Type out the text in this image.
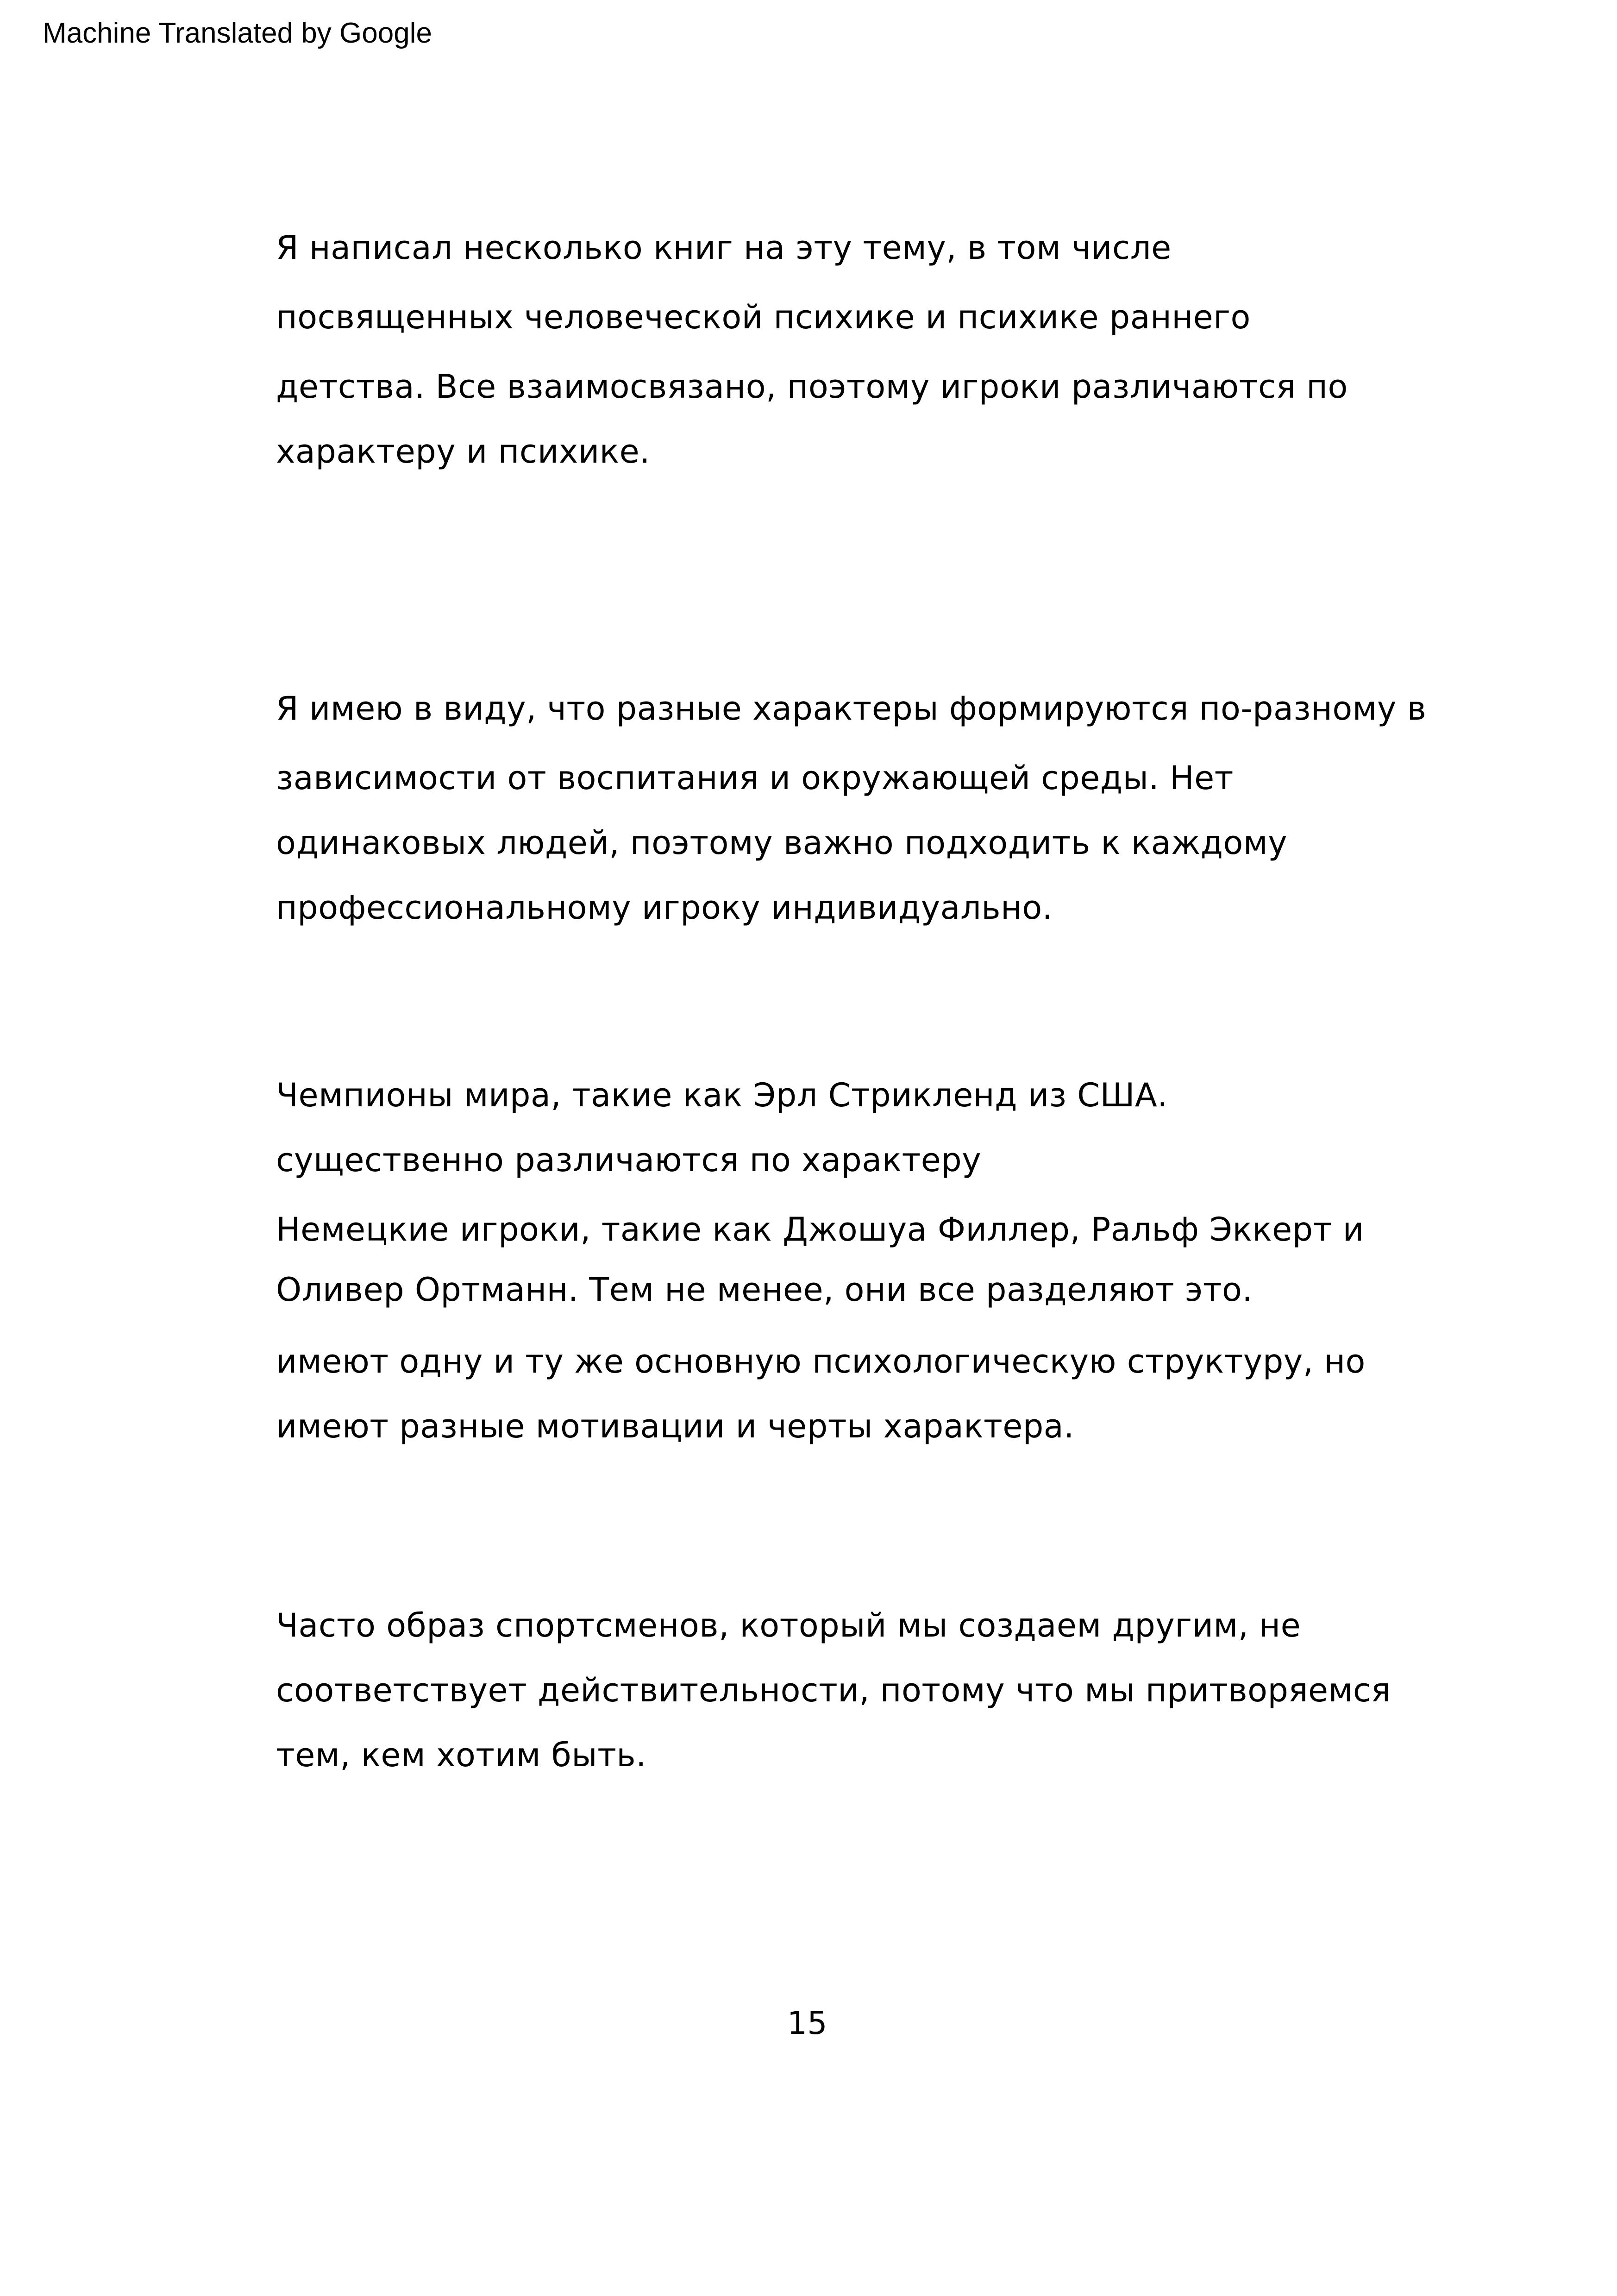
Machine Translated by Google
Я написал несколько книг на эту тему, в том числе
посвященных человеческой психике и психике раннего
детства. Все взаимосвязано, поэтому игроки различаются по
характеру и психике.
Я имею в виду, что разные характеры формируются по-разному в
зависимости от воспитания и окружающей среды. Нет
одинаковых людей, поэтому важно подходить к каждому
профессиональному игроку индивидуально.
Чемпионы мира, такие как Эрл Стрикленд из США.
существенно различаются по характеру
Немецкие игроки, такие как Джошуа Филлер, Ральф Эккерт и
Оливер Ортманн. Тем не менее, они все разделяют это.
имеют одну и ту же основную психологическую структуру, но
имеют разные мотивации и черты характера.
Часто образ спортсменов, который мы создаем другим, не
соответствует действительности, потому что мы притворяемся
тем, кем хотим быть.
15
